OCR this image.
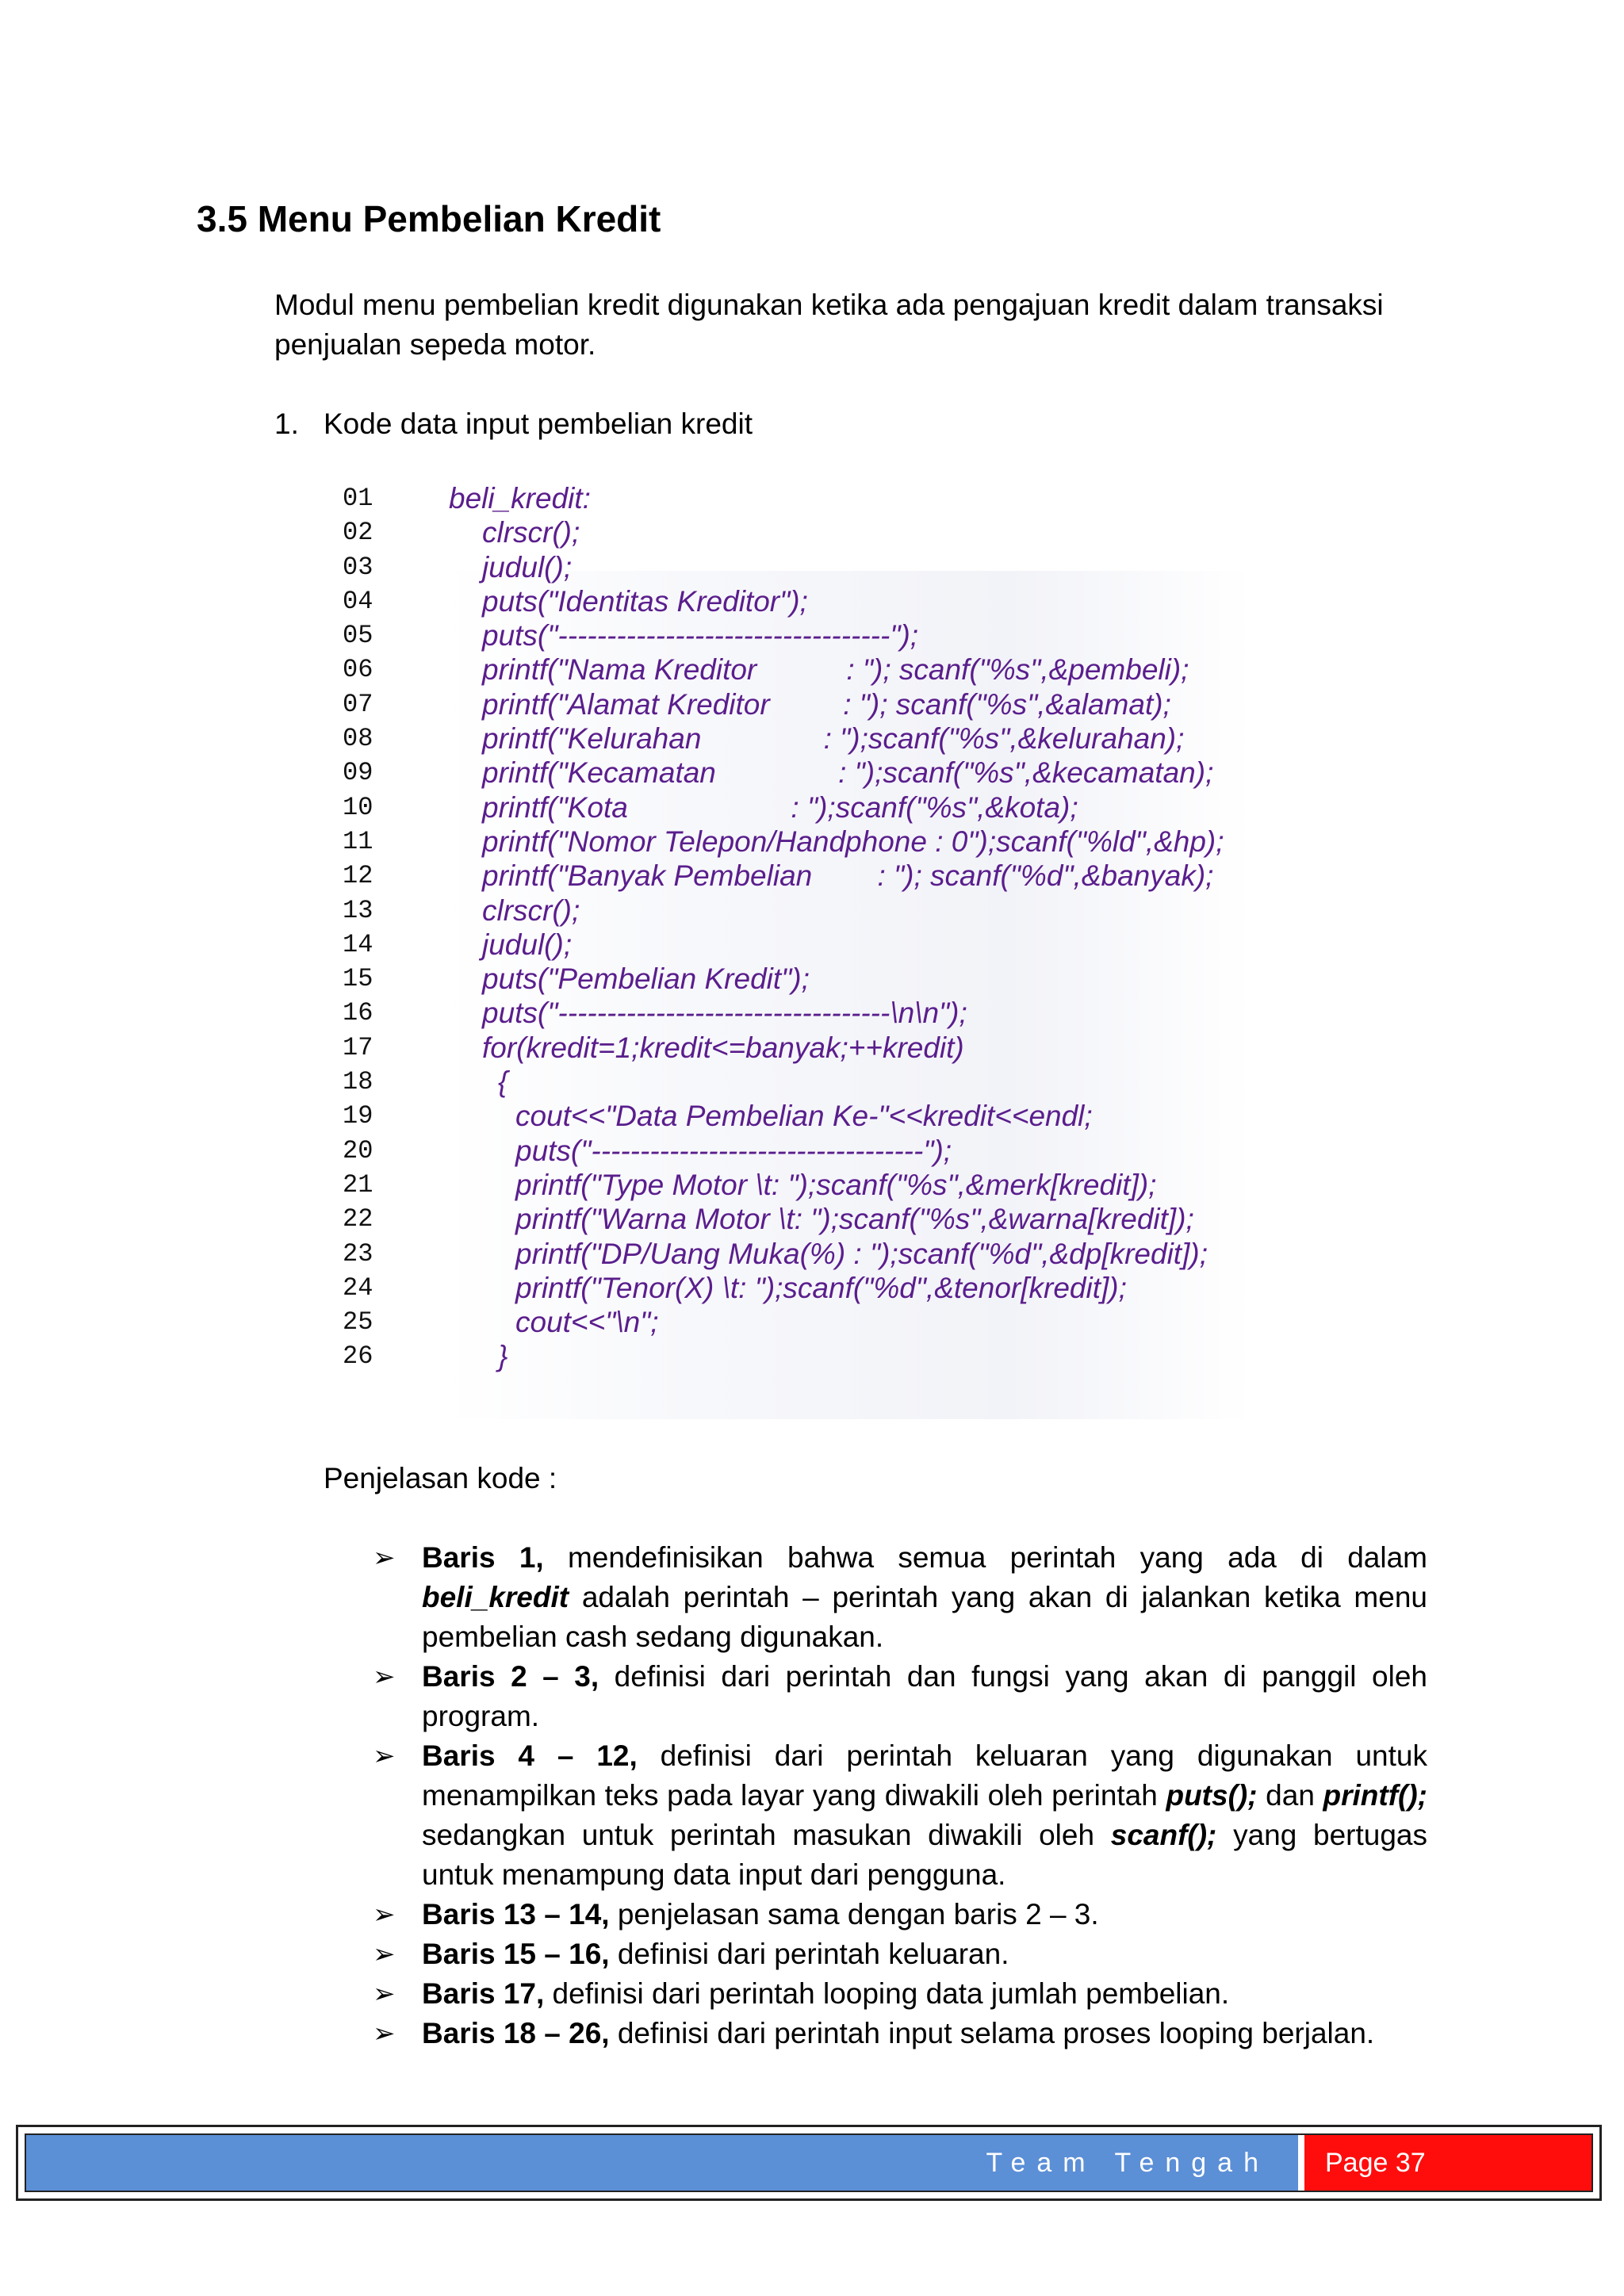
3.5 Menu Pembelian Kredit

Modul menu pembelian kredit digunakan ketika ada pengajuan kredit dalam transaksi penjualan sepeda motor.

1. Kode data input pembelian kredit
01	beli_kredit:
02	clrscr();
03	judul();
04	puts("Identitas Kreditor");
05	puts("----------------------------------");
06	printf("Nama Kreditor           : "); scanf("%s",&pembeli);
07	printf("Alamat Kreditor         : "); scanf("%s",&alamat);
08	printf("Kelurahan               : ");scanf("%s",&kelurahan);
09	printf("Kecamatan               : ");scanf("%s",&kecamatan);
10	printf("Kota                    : ");scanf("%s",&kota);
11	printf("Nomor Telepon/Handphone : 0");scanf("%ld",&hp);
12	printf("Banyak Pembelian        : "); scanf("%d",&banyak);
13	clrscr();
14	judul();
15	puts("Pembelian Kredit");
16	puts("----------------------------------\n\n");
17	for(kredit=1;kredit<=banyak;++kredit)
18	{
19	cout<<"Data Pembelian Ke-"<<kredit<<endl;
20	puts("----------------------------------");
21	printf("Type Motor \t: ");scanf("%s",&merk[kredit]);
22	printf("Warna Motor \t: ");scanf("%s",&warna[kredit]);
23	printf("DP/Uang Muka(%) : ");scanf("%d",&dp[kredit]);
24	printf("Tenor(X) \t: ");scanf("%d",&tenor[kredit]);
25	cout<<"\n";
26	}
Penjelasan kode :
➢ Baris 1, mendefinisikan bahwa semua perintah yang ada di dalam beli_kredit adalah perintah – perintah yang akan di jalankan ketika menu pembelian cash sedang digunakan.
➢ Baris 2 – 3, definisi dari perintah dan fungsi yang akan di panggil oleh program.
➢ Baris 4 – 12, definisi dari perintah keluaran yang digunakan untuk menampilkan teks pada layar yang diwakili oleh perintah puts(); dan printf(); sedangkan untuk perintah masukan diwakili oleh scanf(); yang bertugas untuk menampung data input dari pengguna.
➢ Baris 13 – 14, penjelasan sama dengan baris 2 – 3.
➢ Baris 15 – 16, definisi dari perintah keluaran.
➢ Baris 17, definisi dari perintah looping data jumlah pembelian.
➢ Baris 18 – 26, definisi dari perintah input selama proses looping berjalan.
Team Tengah	Page 37
